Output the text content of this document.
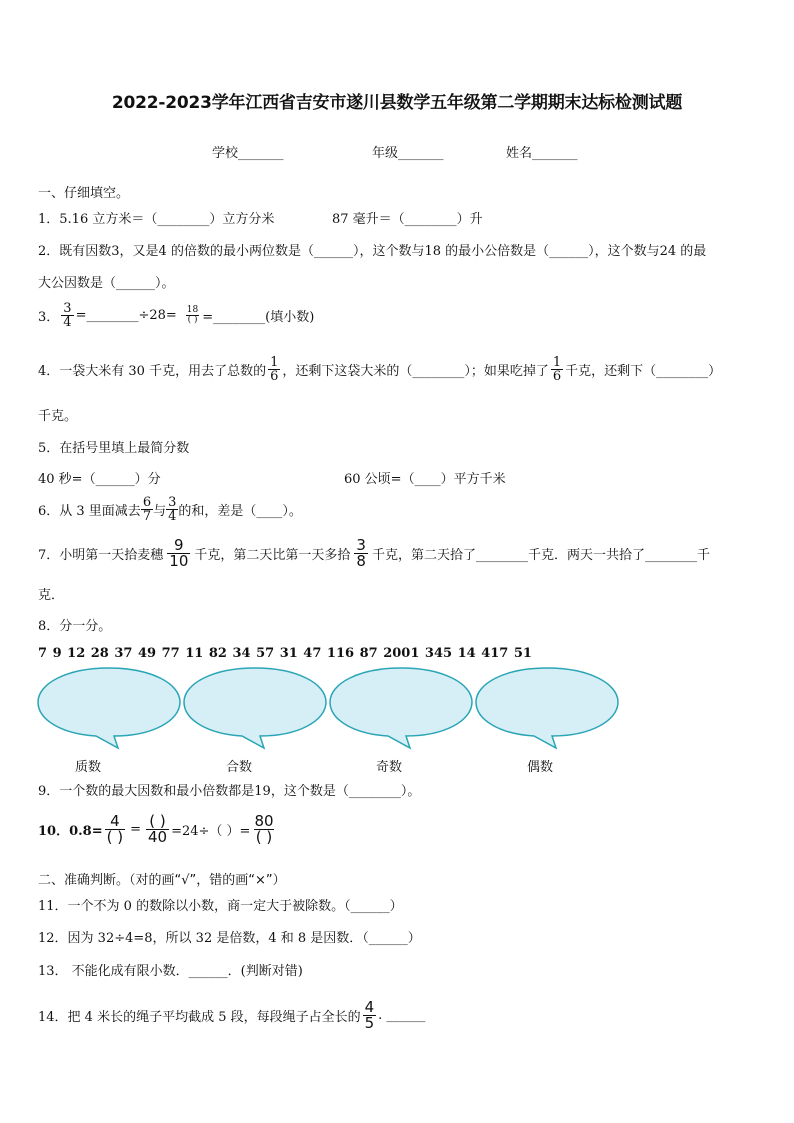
2022-2023学年江西省吉安市遂川县数学五年级第二学期期末达标检测试题
学校_______	年级_______	姓名_______
一、仔细填空。
1．5.16 立方米＝（________）立方分米	87 毫升＝（________）升
2．既有因数3，又是4 的倍数的最小两位数是（______），这个数与18 的最小公倍数是（______），这个数与24 的最
大公因数是（______）。
3． $\frac{3}{4}$ =________÷28= $\frac{18}{( )}$ =________(填小数)
4．一袋大米有 30 千克，用去了总数的 $\frac{1}{6}$ ，还剩下这袋大米的（________）；如果吃掉了 $\frac{1}{6}$ 千克，还剩下（________）
千克。
5．在括号里填上最简分数
40 秒=（______）分	60 公顷=（____）平方千米
6．从 3 里面减去 $\frac{6}{7}$ 与 $\frac{3}{4}$ 的和，差是（____）。
7．小明第一天拾麦穗 $\frac{9}{10}$ 千克，第二天比第一天多拾 $\frac{3}{8}$ 千克，第二天拾了________千克．两天一共拾了________千
克．
8．分一分。
7 9 12 28 37 49 77 11 82 34 57 31 47 116 87 2001 345 14 417 51
质数	合数	奇数	偶数
9．一个数的最大因数和最小倍数都是19，这个数是（________）。
10．$0.8= \frac{4}{( )} = \frac{( )}{40} =24\div$（ ）= $\frac{80}{( )}$
二、准确判断。（对的画“√”，错的画“×”）
11．一个不为 0 的数除以小数，商一定大于被除数。（______）
12．因为 32÷4=8，所以 32 是倍数，4 和 8 是因数．（______）
13． 不能化成有限小数．______．(判断对错)
14．把 4 米长的绳子平均截成 5 段，每段绳子占全长的 $\frac{4}{5}$ . ______
